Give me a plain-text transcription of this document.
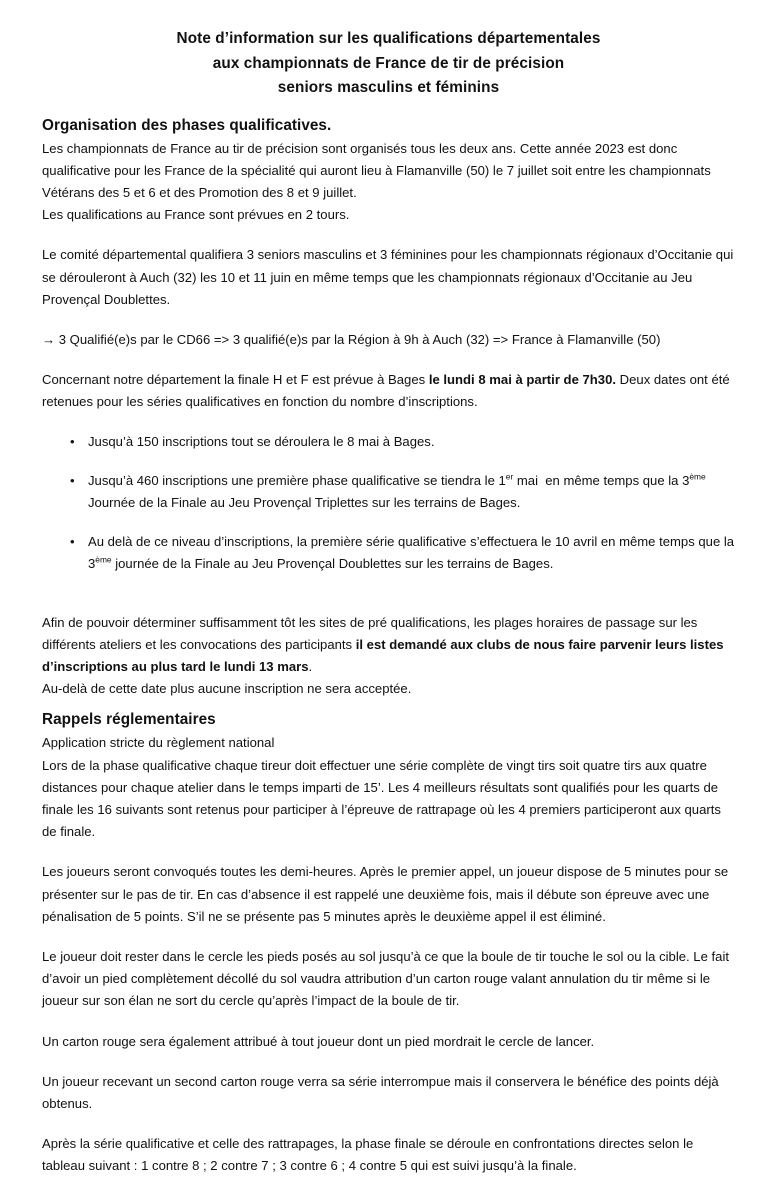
Note d’information sur les qualifications départementales
aux championnats de France de tir de précision
seniors masculins et féminins
Organisation des phases qualificatives.

Les championnats de France au tir de précision sont organisés tous les deux ans. Cette année 2023 est donc qualificative pour les France de la spécialité qui auront lieu à Flamanville (50) le 7 juillet soit entre les championnats Vétérans des 5 et 6 et des Promotion des 8 et 9 juillet.

Les qualifications au France sont prévues en 2 tours.

Le comité départemental qualifiera 3 seniors masculins et 3 féminines pour les championnats régionaux d’Occitanie qui se dérouleront à Auch (32) les 10 et 11 juin en même temps que les championnats régionaux d’Occitanie au Jeu Provençal Doublettes.

→ 3 Qualifié(e)s par le CD66 => 3 qualifié(e)s par la Région à 9h à Auch (32) => France à Flamanville (50)

Concernant notre département la finale H et F est prévue à Bages le lundi 8 mai à partir de 7h30. Deux dates ont été retenues pour les séries qualificatives en fonction du nombre d’inscriptions.

• Jusqu’à 150 inscriptions tout se déroulera le 8 mai à Bages.
• Jusqu’à 460 inscriptions une première phase qualificative se tiendra le 1er mai  en même temps que la 3ème Journée de la Finale au Jeu Provençal Triplettes sur les terrains de Bages.
• Au delà de ce niveau d’inscriptions, la première série qualificative s’effectuera le 10 avril en même temps que la 3ème journée de la Finale au Jeu Provençal Doublettes sur les terrains de Bages.

Afin de pouvoir déterminer suffisamment tôt les sites de pré qualifications, les plages horaires de passage sur les différents ateliers et les convocations des participants il est demandé aux clubs de nous faire parvenir leurs listes d’inscriptions au plus tard le lundi 13 mars.

Au-delà de cette date plus aucune inscription ne sera acceptée.

Rappels réglementaires

Application stricte du règlement national

Lors de la phase qualificative chaque tireur doit effectuer une série complète de vingt tirs soit quatre tirs aux quatre distances pour chaque atelier dans le temps imparti de 15’. Les 4 meilleurs résultats sont qualifiés pour les quarts de finale les 16 suivants sont retenus pour participer à l’épreuve de rattrapage où les 4 premiers participeront aux quarts de finale.

Les joueurs seront convoqués toutes les demi-heures. Après le premier appel, un joueur dispose de 5 minutes pour se présenter sur le pas de tir. En cas d’absence il est rappelé une deuxième fois, mais il débute son épreuve avec une pénalisation de 5 points. S’il ne se présente pas 5 minutes après le deuxième appel il est éliminé.

Le joueur doit rester dans le cercle les pieds posés au sol jusqu’à ce que la boule de tir touche le sol ou la cible. Le fait d’avoir un pied complètement décollé du sol vaudra attribution d’un carton rouge valant annulation du tir même si le joueur sur son élan ne sort du cercle qu’après l’impact de la boule de tir.

Un carton rouge sera également attribué à tout joueur dont un pied mordrait le cercle de lancer.

Un joueur recevant un second carton rouge verra sa série interrompue mais il conservera le bénéfice des points déjà obtenus.

Après la série qualificative et celle des rattrapages, la phase finale se déroule en confrontations directes selon le tableau suivant : 1 contre 8 ; 2 contre 7 ; 3 contre 6 ; 4 contre 5 qui est suivi jusqu’à la finale.
